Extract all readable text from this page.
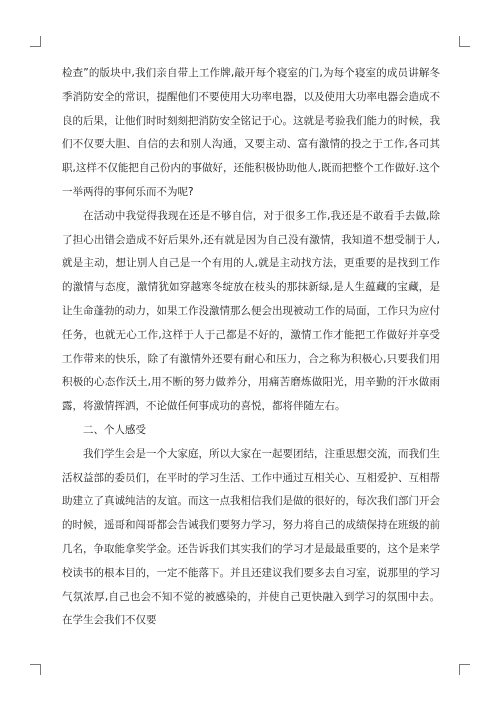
检查”的版块中,我们亲自带上工作牌,敲开每个寝室的门,为每个寝室的成员讲解冬季消防安全的常识，提醒他们不要使用大功率电器，以及使用大功率电器会造成不良的后果，让他们时时刻刻把消防安全铭记于心。这就是考验我们能力的时候，我们不仅要大胆、自信的去和别人沟通，又要主动、富有激情的投之于工作,各司其职,这样不仅能把自己份内的事做好，还能积极协助他人,既而把整个工作做好.这个一举两得的事何乐而不为呢?

在活动中我觉得我现在还是不够自信，对于很多工作,我还是不敢看手去做,除了担心出错会造成不好后果外,还有就是因为自己没有激情，我知道不想受制于人,就是主动，想让别人自己是一个有用的人,就是主动找方法，更重要的是找到工作的激情与态度，激情犹如穿越寒冬绽放在枝头的那抹新绿,是人生蕴藏的宝藏，是让生命蓬勃的动力，如果工作没激情那么便会出现被动工作的局面，工作只为应付任务，也就无心工作,这样于人于己都是不好的，激情工作才能把工作做好并享受工作带来的快乐，除了有激情外还要有耐心和压力，合之称为积极心,只要我们用积极的心态作沃土,用不断的努力做养分，用痛苦磨炼做阳光，用辛勤的汗水做雨露，将激情挥洒，不论做任何事成功的喜悦，都将伴随左右。

二、个人感受

我们学生会是一个大家庭，所以大家在一起要团结，注重思想交流，而我们生活权益部的委员们，在平时的学习生活、工作中通过互相关心、互相爱护、互相帮助建立了真诚纯洁的友谊。而这一点我相信我们是做的很好的，每次我们部门开会的时候，遥哥和闯哥都会告诫我们要努力学习，努力将自己的成绩保持在班级的前几名，争取能拿奖学金。还告诉我们其实我们的学习才是最最重要的，这个是来学校读书的根本目的，一定不能落下。并且还建议我们要多去自习室，说那里的学习气氛浓厚,自己也会不知不觉的被感染的，并使自己更快融入到学习的氛围中去。在学生会我们不仅要
